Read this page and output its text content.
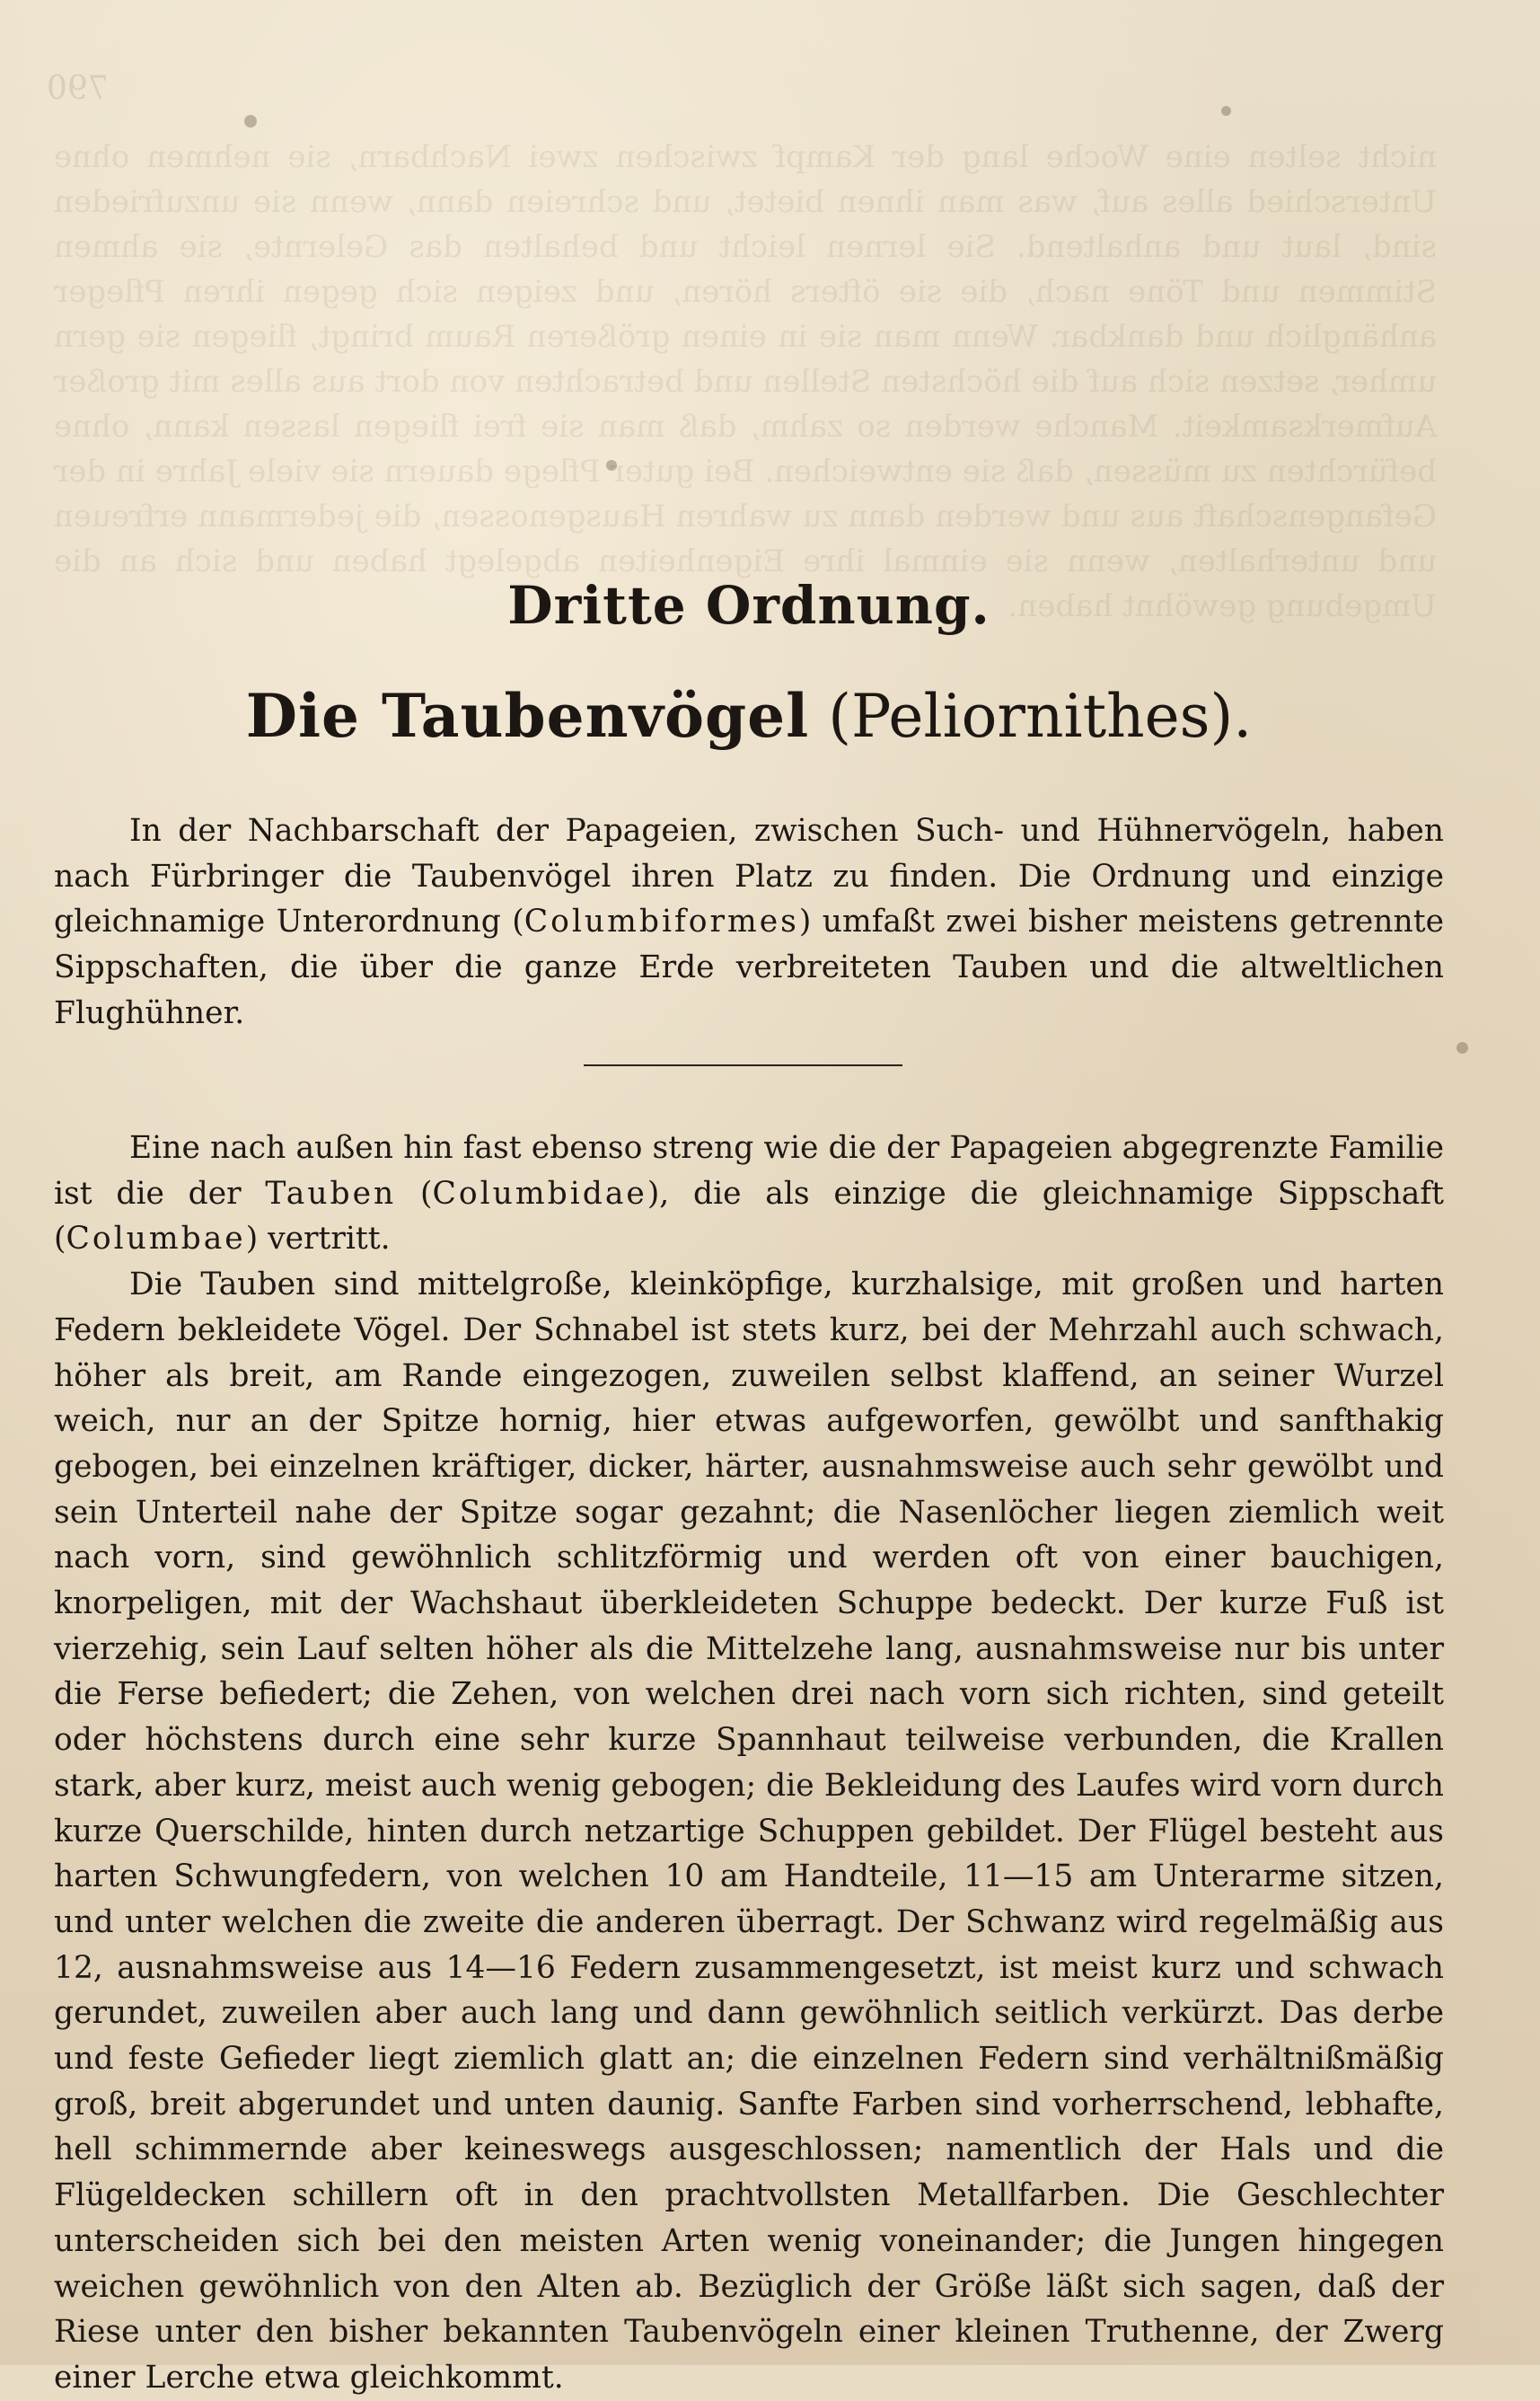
790
nicht selten eine Woche lang der Kampf zwischen zwei Nachbarn, sie nehmen ohne Unterschied alles auf, was man ihnen bietet, und schreien dann, wenn sie unzufrieden sind, laut und anhaltend. Sie lernen leicht und behalten das Gelernte, sie ahmen Stimmen und Töne nach, die sie öfters hören, und zeigen sich gegen ihren Pfleger anhänglich und dankbar. Wenn man sie in einen größeren Raum bringt, fliegen sie gern umher, setzen sich auf die höchsten Stellen und betrachten von dort aus alles mit großer Aufmerksamkeit. Manche werden so zahm, daß man sie frei fliegen lassen kann, ohne befürchten zu müssen, daß sie entweichen. Bei guter Pflege dauern sie viele Jahre in der Gefangenschaft aus und werden dann zu wahren Hausgenossen, die jedermann erfreuen und unterhalten, wenn sie einmal ihre Eigenheiten abgelegt haben und sich an die Umgebung gewöhnt haben.
Dritte Ordnung.
Die Taubenvögel (Peliornithes).

In der Nachbarschaft der Papageien, zwischen Such- und Hühnervögeln, haben nach Fürbringer die Taubenvögel ihren Platz zu finden. Die Ordnung und einzige gleichnamige Unterordnung (Columbiformes) umfaßt zwei bisher meistens getrennte Sippschaften, die über die ganze Erde verbreiteten Tauben und die altweltlichen Flughühner.

Eine nach außen hin fast ebenso streng wie die der Papageien abgegrenzte Familie ist die der Tauben (Columbidae), die als einzige die gleichnamige Sippschaft (Columbae) vertritt.

Die Tauben sind mittelgroße, kleinköpfige, kurzhalsige, mit großen und harten Federn bekleidete Vögel. Der Schnabel ist stets kurz, bei der Mehrzahl auch schwach, höher als breit, am Rande eingezogen, zuweilen selbst klaffend, an seiner Wurzel weich, nur an der Spitze hornig, hier etwas aufgeworfen, gewölbt und sanfthakig gebogen, bei einzelnen kräftiger, dicker, härter, ausnahmsweise auch sehr gewölbt und sein Unterteil nahe der Spitze sogar gezahnt; die Nasenlöcher liegen ziemlich weit nach vorn, sind gewöhnlich schlitzförmig und werden oft von einer bauchigen, knorpeligen, mit der Wachshaut überkleideten Schuppe bedeckt. Der kurze Fuß ist vierzehig, sein Lauf selten höher als die Mittelzehe lang, ausnahmsweise nur bis unter die Ferse befiedert; die Zehen, von welchen drei nach vorn sich richten, sind geteilt oder höchstens durch eine sehr kurze Spannhaut teilweise verbunden, die Krallen stark, aber kurz, meist auch wenig gebogen; die Bekleidung des Laufes wird vorn durch kurze Querschilde, hinten durch netzartige Schuppen gebildet. Der Flügel besteht aus harten Schwungfedern, von welchen 10 am Handteile, 11—15 am Unterarme sitzen, und unter welchen die zweite die anderen überragt. Der Schwanz wird regelmäßig aus 12, ausnahmsweise aus 14—16 Federn zusammengesetzt, ist meist kurz und schwach gerundet, zuweilen aber auch lang und dann gewöhnlich seitlich verkürzt. Das derbe und feste Gefieder liegt ziemlich glatt an; die einzelnen Federn sind verhältnißmäßig groß, breit abgerundet und unten daunig. Sanfte Farben sind vorherrschend, lebhafte, hell schimmernde aber keineswegs ausgeschlossen; namentlich der Hals und die Flügeldecken schillern oft in den prachtvollsten Metallfarben. Die Geschlechter unterscheiden sich bei den meisten Arten wenig voneinander; die Jungen hingegen weichen gewöhnlich von den Alten ab. Bezüglich der Größe läßt sich sagen, daß der Riese unter den bisher bekannten Taubenvögeln einer kleinen Truthenne, der Zwerg einer Lerche etwa gleichkommt.
